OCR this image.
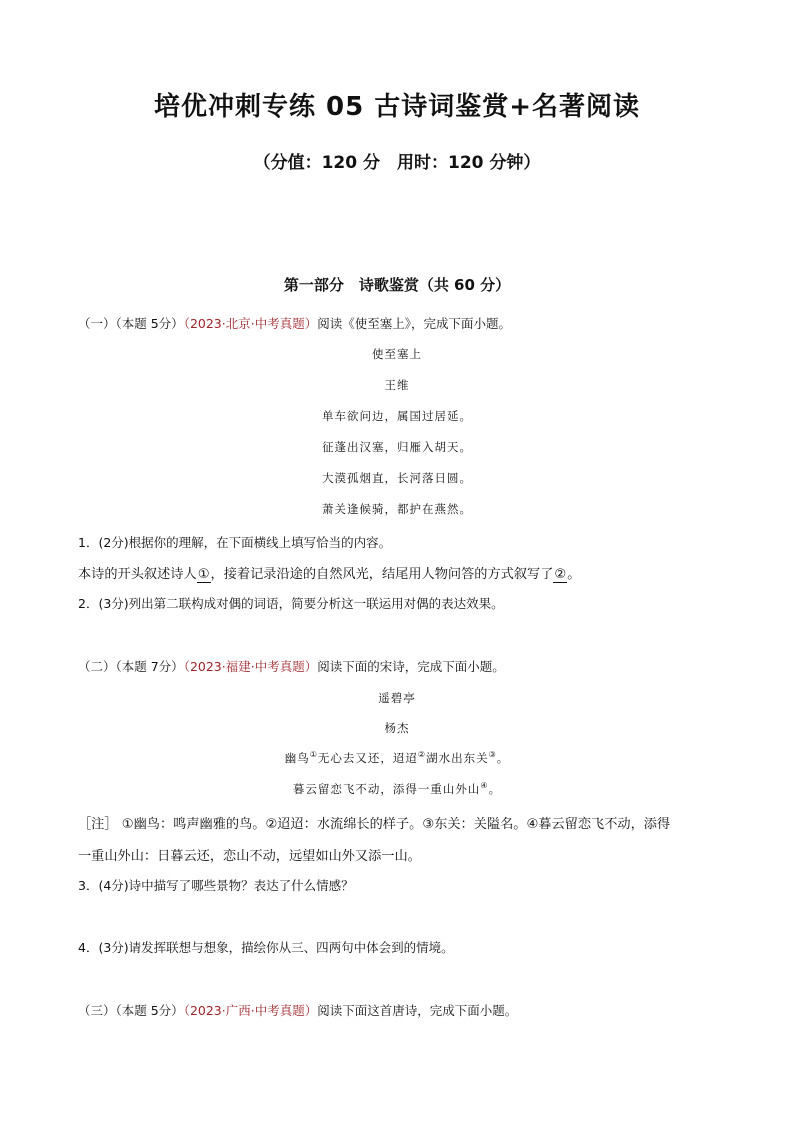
培优冲刺专练 05 古诗词鉴赏+名著阅读
（分值：120 分　用时：120 分钟）
第一部分　诗歌鉴赏（共 60 分）
（一）（本题 5分）（2023·北京·中考真题）阅读《使至塞上》，完成下面小题。
使至塞上
王维
单车欲问边，属国过居延。
征蓬出汉塞，归雁入胡天。
大漠孤烟直，长河落日圆。
萧关逢候骑，都护在燕然。
1．(2分)根据你的理解，在下面横线上填写恰当的内容。
本诗的开头叙述诗人①，接着记录沿途的自然风光，结尾用人物问答的方式叙写了②。
2．(3分)列出第二联构成对偶的词语，简要分析这一联运用对偶的表达效果。
（二）（本题 7分）（2023·福建·中考真题）阅读下面的宋诗，完成下面小题。
遥碧亭
杨杰
幽鸟①无心去又还，迢迢②湖水出东关③。
暮云留恋飞不动，添得一重山外山④。
［注］ ①幽鸟：鸣声幽雅的鸟。②迢迢：水流绵长的样子。③东关：关隘名。④暮云留恋飞不动，添得
一重山外山：日暮云还，恋山不动，远望如山外又添一山。
3．(4分)诗中描写了哪些景物？表达了什么情感？
4．(3分)请发挥联想与想象，描绘你从三、四两句中体会到的情境。
（三）（本题 5分）（2023·广西·中考真题）阅读下面这首唐诗，完成下面小题。
